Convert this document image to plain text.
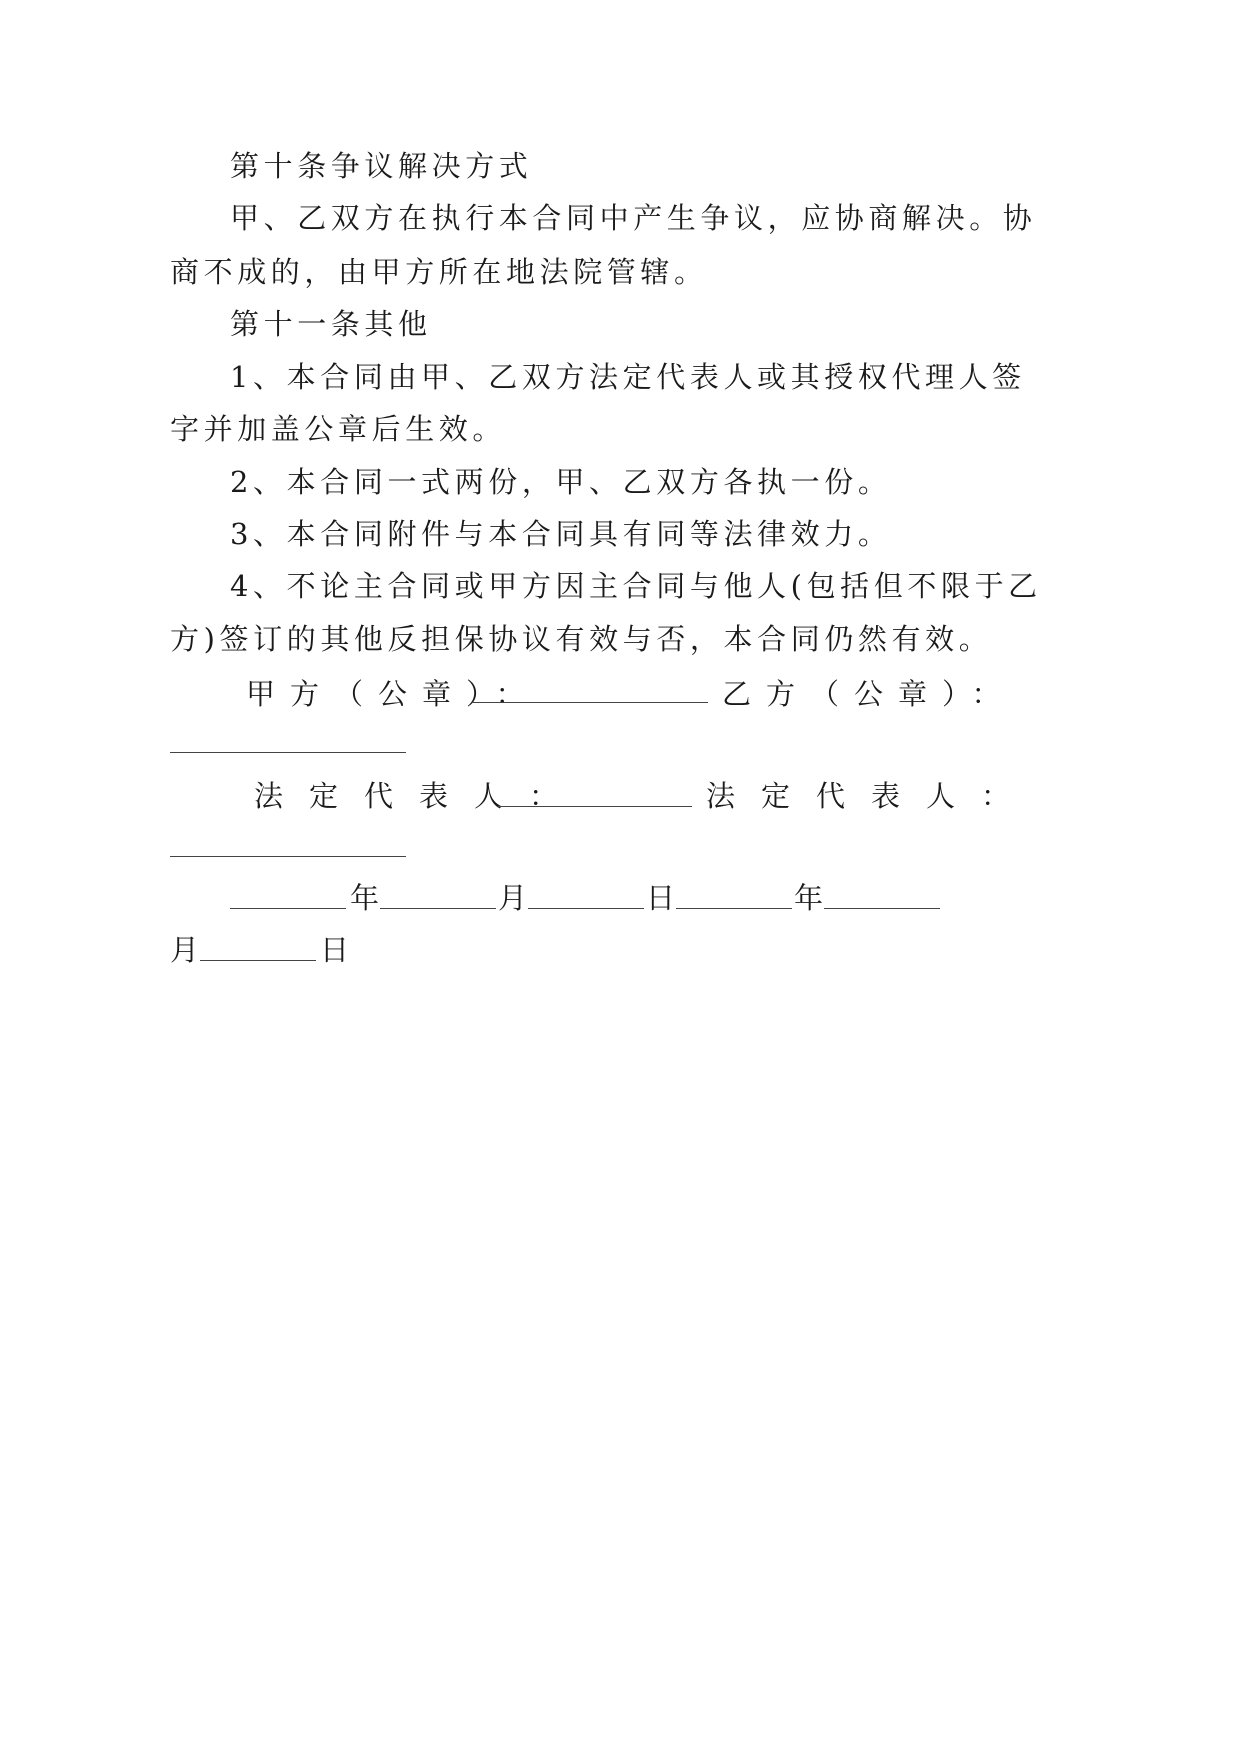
第十条争议解决方式
甲、乙双方在执行本合同中产生争议，应协商解决。协
商不成的，由甲方所在地法院管辖。
第十一条其他
1、本合同由甲、乙双方法定代表人或其授权代理人签
字并加盖公章后生效。
2、本合同一式两份，甲、乙双方各执一份。
3、本合同附件与本合同具有同等法律效力。
4、不论主合同或甲方因主合同与他人(包括但不限于乙
方)签订的其他反担保协议有效与否，本合同仍然有效。
甲方（公章）：	乙方（公章）：
法定代表人：	法定代表人：
年	月	日	年
月	日
